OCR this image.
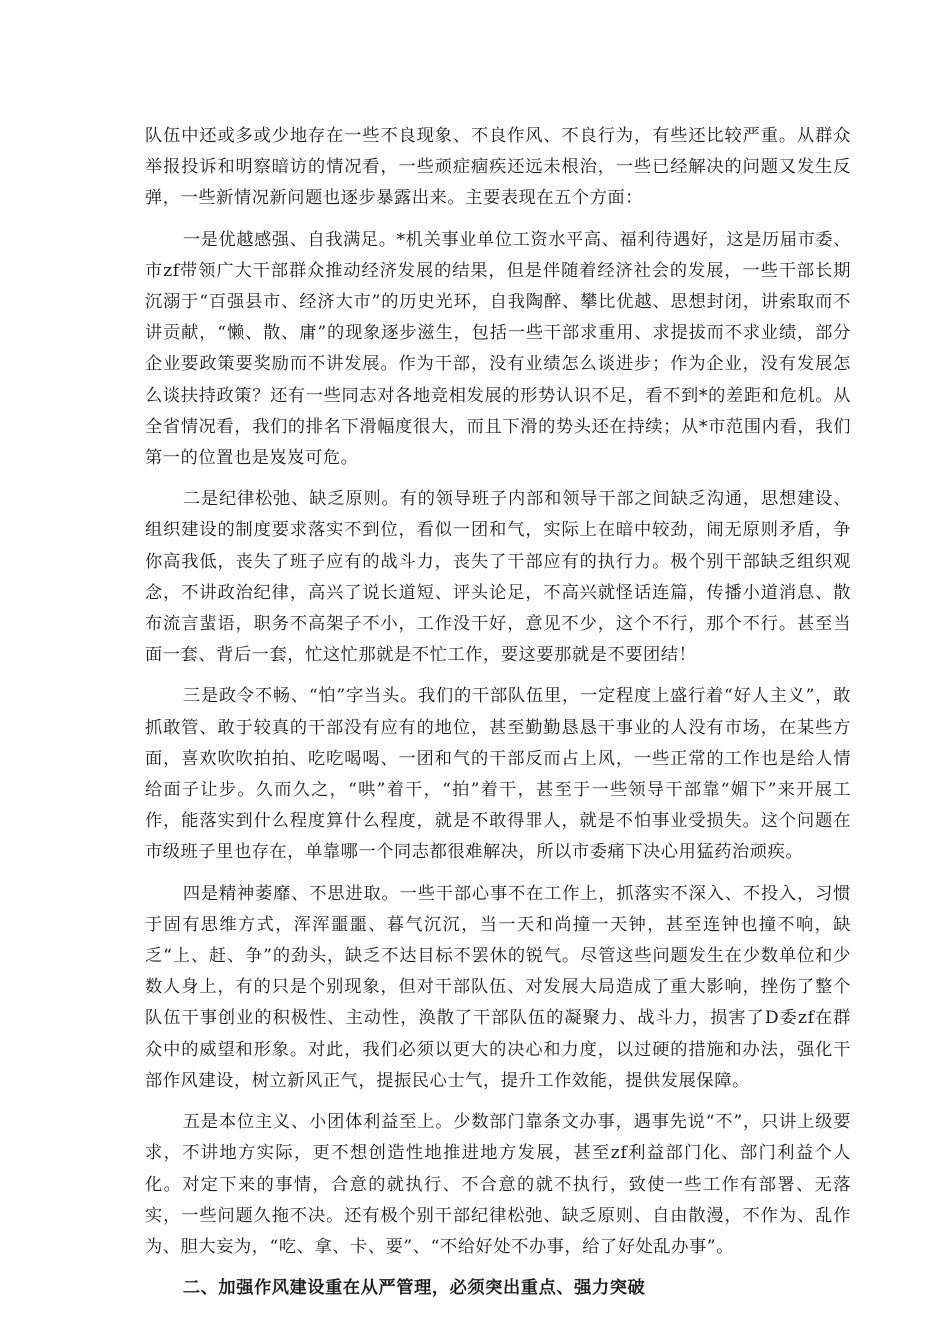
队伍中还或多或少地存在一些不良现象、不良作风、不良行为，有些还比较严重。从群众举报投诉和明察暗访的情况看，一些顽症痼疾还远未根治，一些已经解决的问题又发生反弹，一些新情况新问题也逐步暴露出来。主要表现在五个方面：

一是优越感强、自我满足。*机关事业单位工资水平高、福利待遇好，这是历届市委、市zf带领广大干部群众推动经济发展的结果，但是伴随着经济社会的发展，一些干部长期沉溺于“百强县市、经济大市”的历史光环，自我陶醉、攀比优越、思想封闭，讲索取而不讲贡献，“懒、散、庸”的现象逐步滋生，包括一些干部求重用、求提拔而不求业绩，部分企业要政策要奖励而不讲发展。作为干部，没有业绩怎么谈进步；作为企业，没有发展怎么谈扶持政策？还有一些同志对各地竞相发展的形势认识不足，看不到*的差距和危机。从全省情况看，我们的排名下滑幅度很大，而且下滑的势头还在持续；从*市范围内看，我们第一的位置也是岌岌可危。

二是纪律松弛、缺乏原则。有的领导班子内部和领导干部之间缺乏沟通，思想建设、组织建设的制度要求落实不到位，看似一团和气，实际上在暗中较劲，闹无原则矛盾，争你高我低，丧失了班子应有的战斗力，丧失了干部应有的执行力。极个别干部缺乏组织观念，不讲政治纪律，高兴了说长道短、评头论足，不高兴就怪话连篇，传播小道消息、散布流言蜚语，职务不高架子不小，工作没干好，意见不少，这个不行，那个不行。甚至当面一套、背后一套，忙这忙那就是不忙工作，要这要那就是不要团结！

三是政令不畅、“怕”字当头。我们的干部队伍里，一定程度上盛行着“好人主义”，敢抓敢管、敢于较真的干部没有应有的地位，甚至勤勤恳恳干事业的人没有市场，在某些方面，喜欢吹吹拍拍、吃吃喝喝、一团和气的干部反而占上风，一些正常的工作也是给人情给面子让步。久而久之，“哄”着干，“拍”着干，甚至于一些领导干部靠“媚下”来开展工作，能落实到什么程度算什么程度，就是不敢得罪人，就是不怕事业受损失。这个问题在市级班子里也存在，单靠哪一个同志都很难解决，所以市委痛下决心用猛药治顽疾。

四是精神萎靡、不思进取。一些干部心事不在工作上，抓落实不深入、不投入，习惯于固有思维方式，浑浑噩噩、暮气沉沉，当一天和尚撞一天钟，甚至连钟也撞不响，缺乏“上、赶、争”的劲头，缺乏不达目标不罢休的锐气。尽管这些问题发生在少数单位和少数人身上，有的只是个别现象，但对干部队伍、对发展大局造成了重大影响，挫伤了整个队伍干事创业的积极性、主动性，涣散了干部队伍的凝聚力、战斗力，损害了D委zf在群众中的威望和形象。对此，我们必须以更大的决心和力度，以过硬的措施和办法，强化干部作风建设，树立新风正气，提振民心士气，提升工作效能，提供发展保障。

五是本位主义、小团体利益至上。少数部门靠条文办事，遇事先说“不”，只讲上级要求，不讲地方实际，更不想创造性地推进地方发展，甚至zf利益部门化、部门利益个人化。对定下来的事情，合意的就执行、不合意的就不执行，致使一些工作有部署、无落实，一些问题久拖不决。还有极个别干部纪律松弛、缺乏原则、自由散漫，不作为、乱作为、胆大妄为，“吃、拿、卡、要”、“不给好处不办事，给了好处乱办事”。

二、加强作风建设重在从严管理，必须突出重点、强力突破
